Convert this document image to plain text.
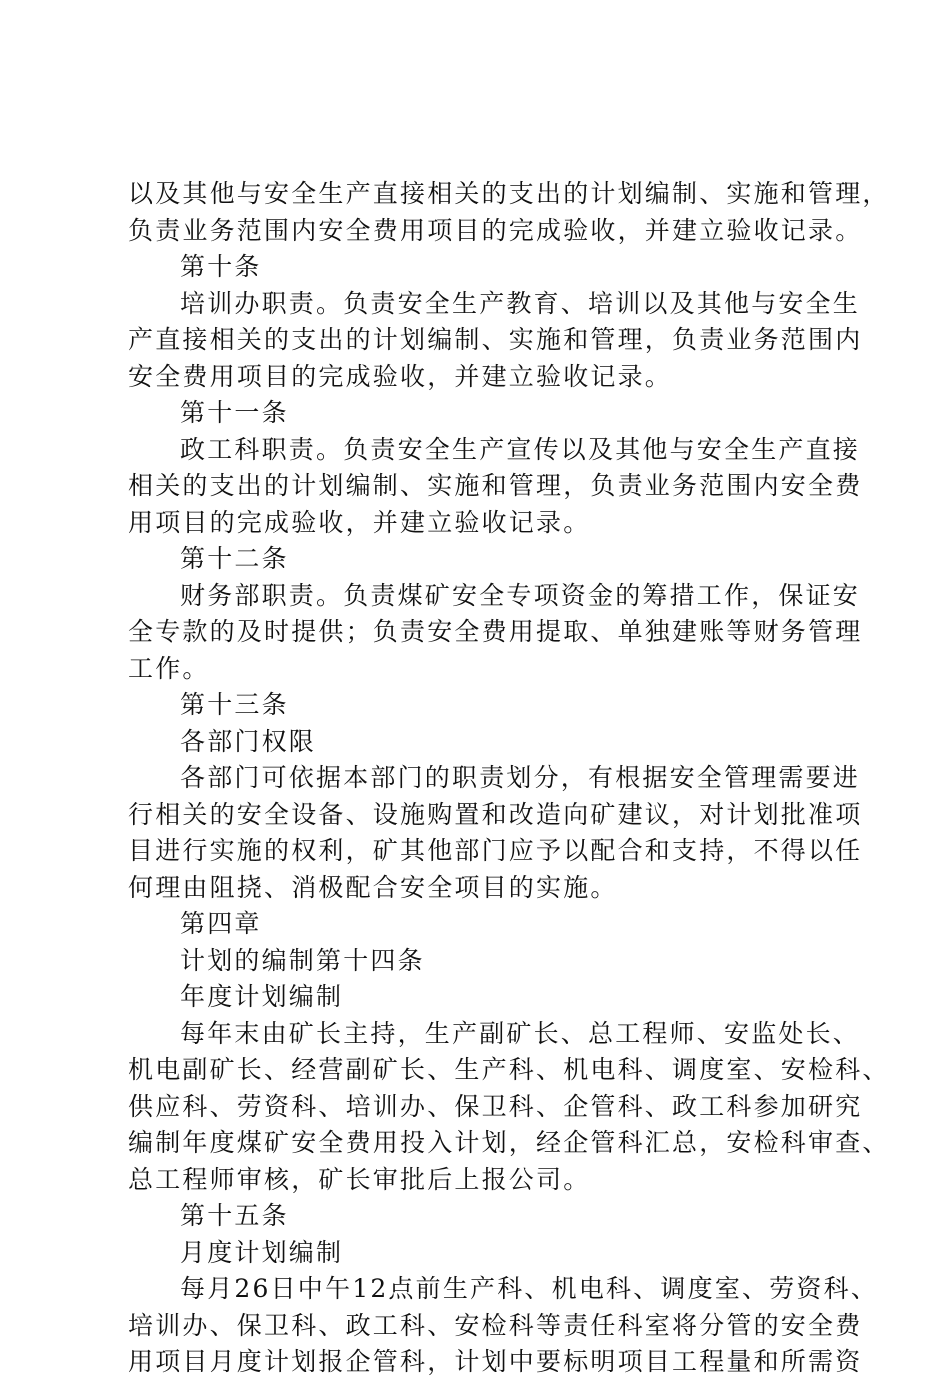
以及其他与安全生产直接相关的支出的计划编制、实施和管理，
负责业务范围内安全费用项目的完成验收，并建立验收记录。
第十条
培训办职责。负责安全生产教育、培训以及其他与安全生
产直接相关的支出的计划编制、实施和管理，负责业务范围内
安全费用项目的完成验收，并建立验收记录。
第十一条
政工科职责。负责安全生产宣传以及其他与安全生产直接
相关的支出的计划编制、实施和管理，负责业务范围内安全费
用项目的完成验收，并建立验收记录。
第十二条
财务部职责。负责煤矿安全专项资金的筹措工作，保证安
全专款的及时提供；负责安全费用提取、单独建账等财务管理
工作。
第十三条
各部门权限
各部门可依据本部门的职责划分，有根据安全管理需要进
行相关的安全设备、设施购置和改造向矿建议，对计划批准项
目进行实施的权利，矿其他部门应予以配合和支持，不得以任
何理由阻挠、消极配合安全项目的实施。
第四章
计划的编制第十四条
年度计划编制
每年末由矿长主持，生产副矿长、总工程师、安监处长、
机电副矿长、经营副矿长、生产科、机电科、调度室、安检科、
供应科、劳资科、培训办、保卫科、企管科、政工科参加研究
编制年度煤矿安全费用投入计划，经企管科汇总，安检科审查、
总工程师审核，矿长审批后上报公司。
第十五条
月度计划编制
每月26日中午12点前生产科、机电科、调度室、劳资科、
培训办、保卫科、政工科、安检科等责任科室将分管的安全费
用项目月度计划报企管科，计划中要标明项目工程量和所需资
